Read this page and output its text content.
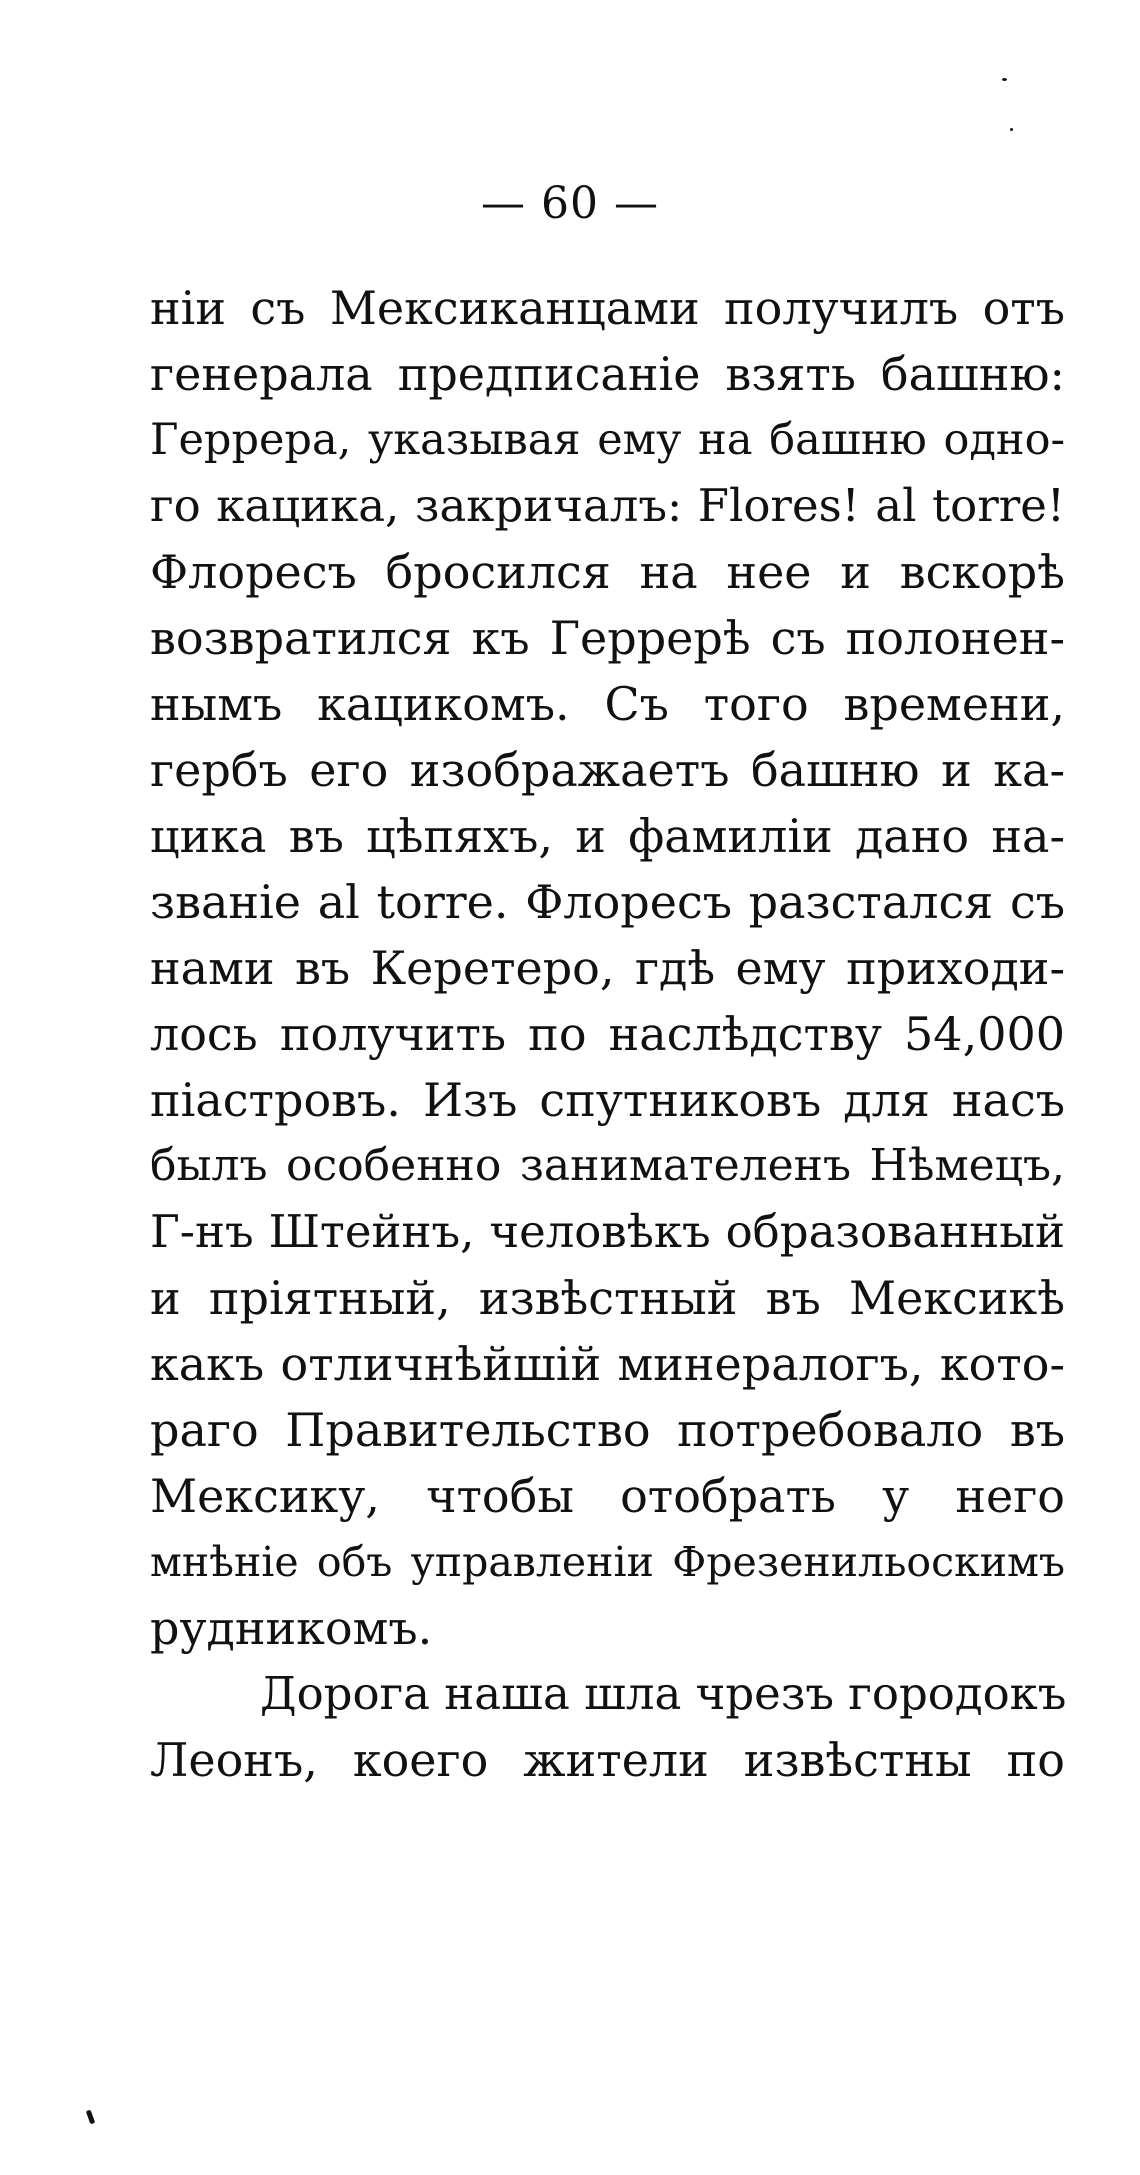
— 60 —
ніи съ Мексиканцами получилъ отъ
генерала предписаніе взять башню:
Геррера, указывая ему на башню одно-
го кацика, закричалъ: Flores! al torre!
Флоресъ бросился на нее и вскорѣ
возвратился къ Геррерѣ съ полонен-
нымъ кацикомъ. Съ того времени,
гербъ его изображаетъ башню и ка-
цика въ цѣпяхъ, и фамиліи дано на-
званіе al torre. Флоресъ разстался съ
нами въ Керетеро, гдѣ ему приходи-
лось получить по наслѣдству 54,000
піастровъ. Изъ спутниковъ для насъ
былъ особенно занимателенъ Нѣмецъ,
Г-нъ Штейнъ, человѣкъ образованный
и пріятный, извѣстный въ Мексикѣ
какъ отличнѣйшій минералогъ, кото-
раго Правительство потребовало въ
Мексику, чтобы отобрать у него
мнѣніе объ управленіи Фрезенильоскимъ
рудникомъ.
Дорога наша шла чрезъ городокъ
Леонъ, коего жители извѣстны по
